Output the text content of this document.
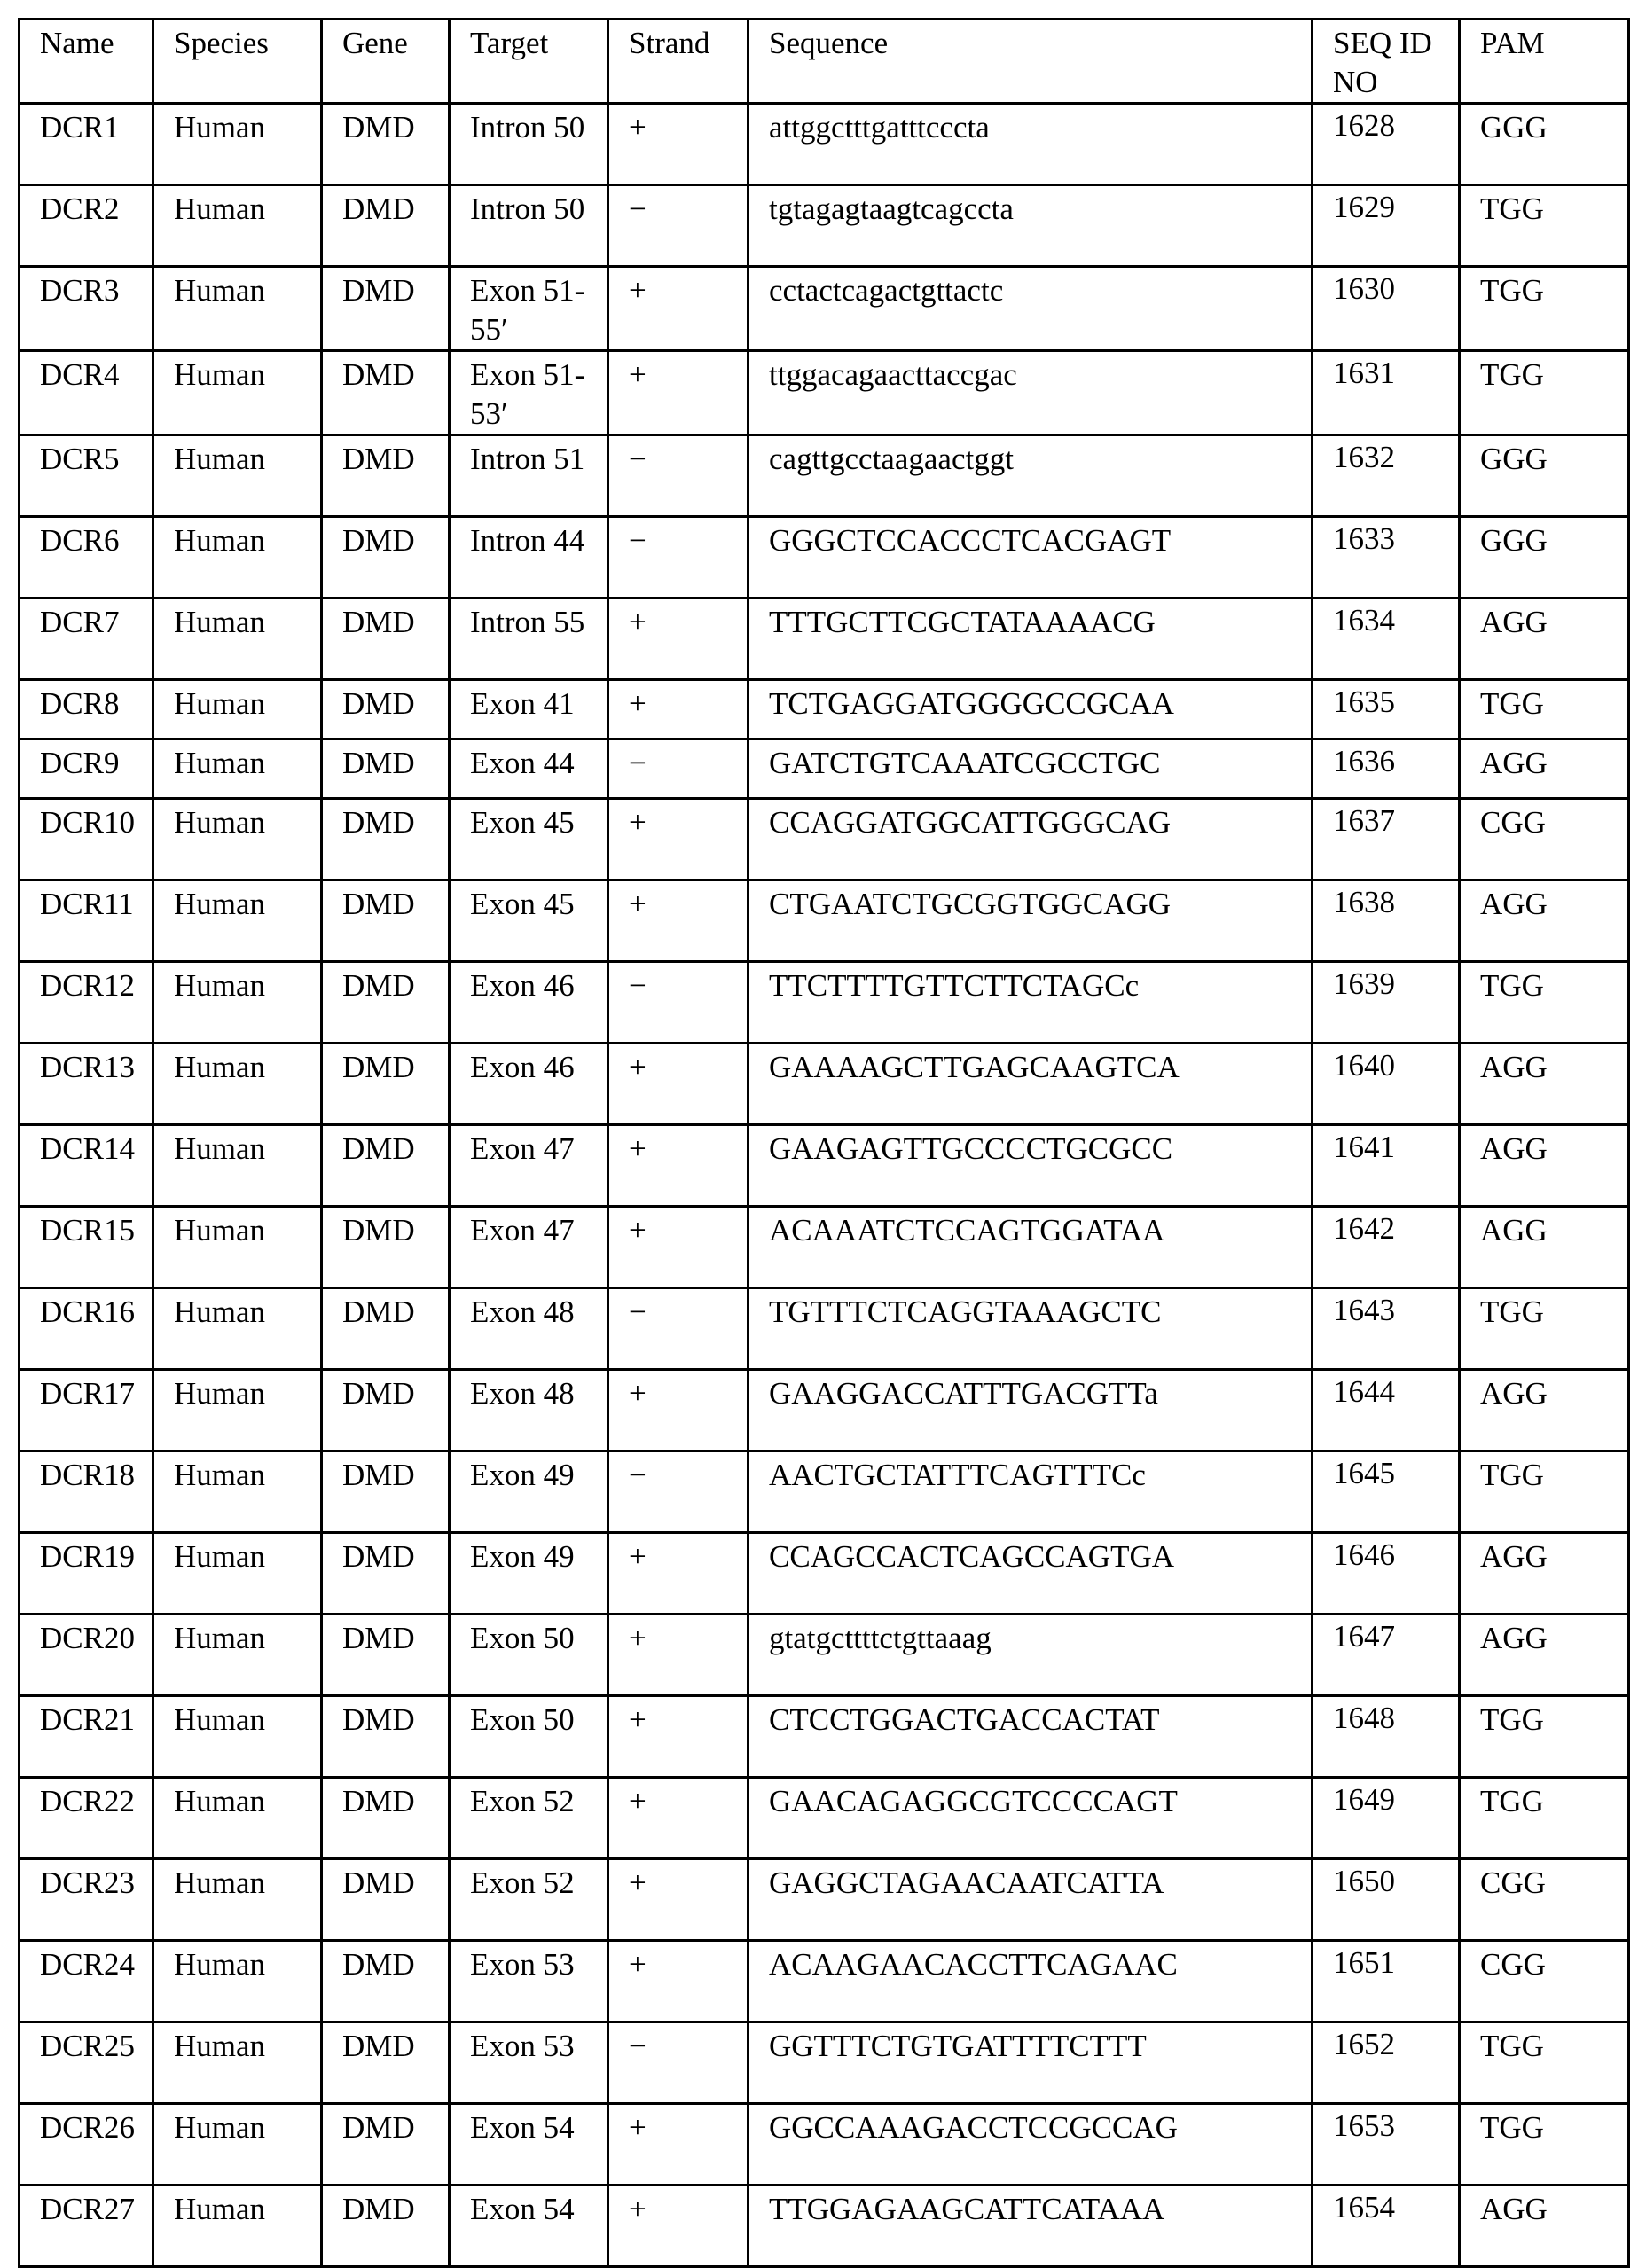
Name	Species	Gene	Target	Strand	Sequence	SEQ ID NO	PAM
DCR1	Human	DMD	Intron 50	+	attggctttgatttcccta	1628	GGG
DCR2	Human	DMD	Intron 50	−	tgtagagtaagtcagccta	1629	TGG
DCR3	Human	DMD	Exon 51-55′	+	cctactcagactgttactc	1630	TGG
DCR4	Human	DMD	Exon 51-53′	+	ttggacagaacttaccgac	1631	TGG
DCR5	Human	DMD	Intron 51	−	cagttgcctaagaactggt	1632	GGG
DCR6	Human	DMD	Intron 44	−	GGGCTCCACCCTCACGAGT	1633	GGG
DCR7	Human	DMD	Intron 55	+	TTTGCTTCGCTATAAAACG	1634	AGG
DCR8	Human	DMD	Exon 41	+	TCTGAGGATGGGGCCGCAA	1635	TGG
DCR9	Human	DMD	Exon 44	−	GATCTGTCAAATCGCCTGC	1636	AGG
DCR10	Human	DMD	Exon 45	+	CCAGGATGGCATTGGGCAG	1637	CGG
DCR11	Human	DMD	Exon 45	+	CTGAATCTGCGGTGGCAGG	1638	AGG
DCR12	Human	DMD	Exon 46	−	TTCTTTTGTTCTTCTAGCc	1639	TGG
DCR13	Human	DMD	Exon 46	+	GAAAAGCTTGAGCAAGTCA	1640	AGG
DCR14	Human	DMD	Exon 47	+	GAAGAGTTGCCCCTGCGCC	1641	AGG
DCR15	Human	DMD	Exon 47	+	ACAAATCTCCAGTGGATAA	1642	AGG
DCR16	Human	DMD	Exon 48	−	TGTTTCTCAGGTAAAGCTC	1643	TGG
DCR17	Human	DMD	Exon 48	+	GAAGGACCATTTGACGTTa	1644	AGG
DCR18	Human	DMD	Exon 49	−	AACTGCTATTTCAGTTTCc	1645	TGG
DCR19	Human	DMD	Exon 49	+	CCAGCCACTCAGCCAGTGA	1646	AGG
DCR20	Human	DMD	Exon 50	+	gtatgcttttctgttaaag	1647	AGG
DCR21	Human	DMD	Exon 50	+	CTCCTGGACTGACCACTAT	1648	TGG
DCR22	Human	DMD	Exon 52	+	GAACAGAGGCGTCCCCAGT	1649	TGG
DCR23	Human	DMD	Exon 52	+	GAGGCTAGAACAATCATTA	1650	CGG
DCR24	Human	DMD	Exon 53	+	ACAAGAACACCTTCAGAAC	1651	CGG
DCR25	Human	DMD	Exon 53	−	GGTTTCTGTGATTTTCTTT	1652	TGG
DCR26	Human	DMD	Exon 54	+	GGCCAAAGACCTCCGCCAG	1653	TGG
DCR27	Human	DMD	Exon 54	+	TTGGAGAAGCATTCATAAA	1654	AGG
